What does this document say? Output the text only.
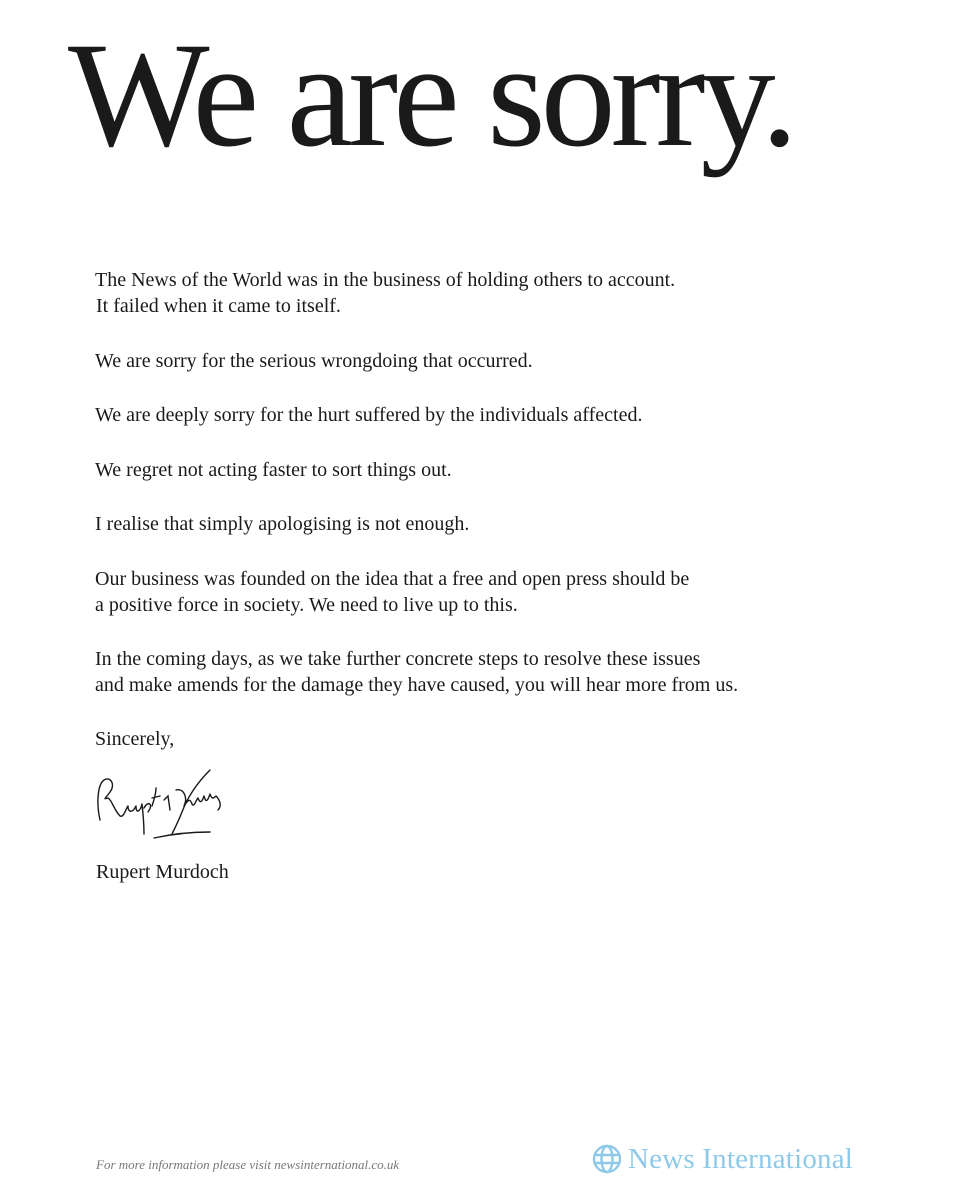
We are sorry.

The News of the World was in the business of holding others to account.
It failed when it came to itself.

We are sorry for the serious wrongdoing that occurred.

We are deeply sorry for the hurt suffered by the individuals affected.

We regret not acting faster to sort things out.

I realise that simply apologising is not enough.

Our business was founded on the idea that a free and open press should be
a positive force in society. We need to live up to this.

In the coming days, as we take further concrete steps to resolve these issues
and make amends for the damage they have caused, you will hear more from us.

Sincerely,

Rupert Murdoch

For more information please visit newsinternational.co.uk	News International
